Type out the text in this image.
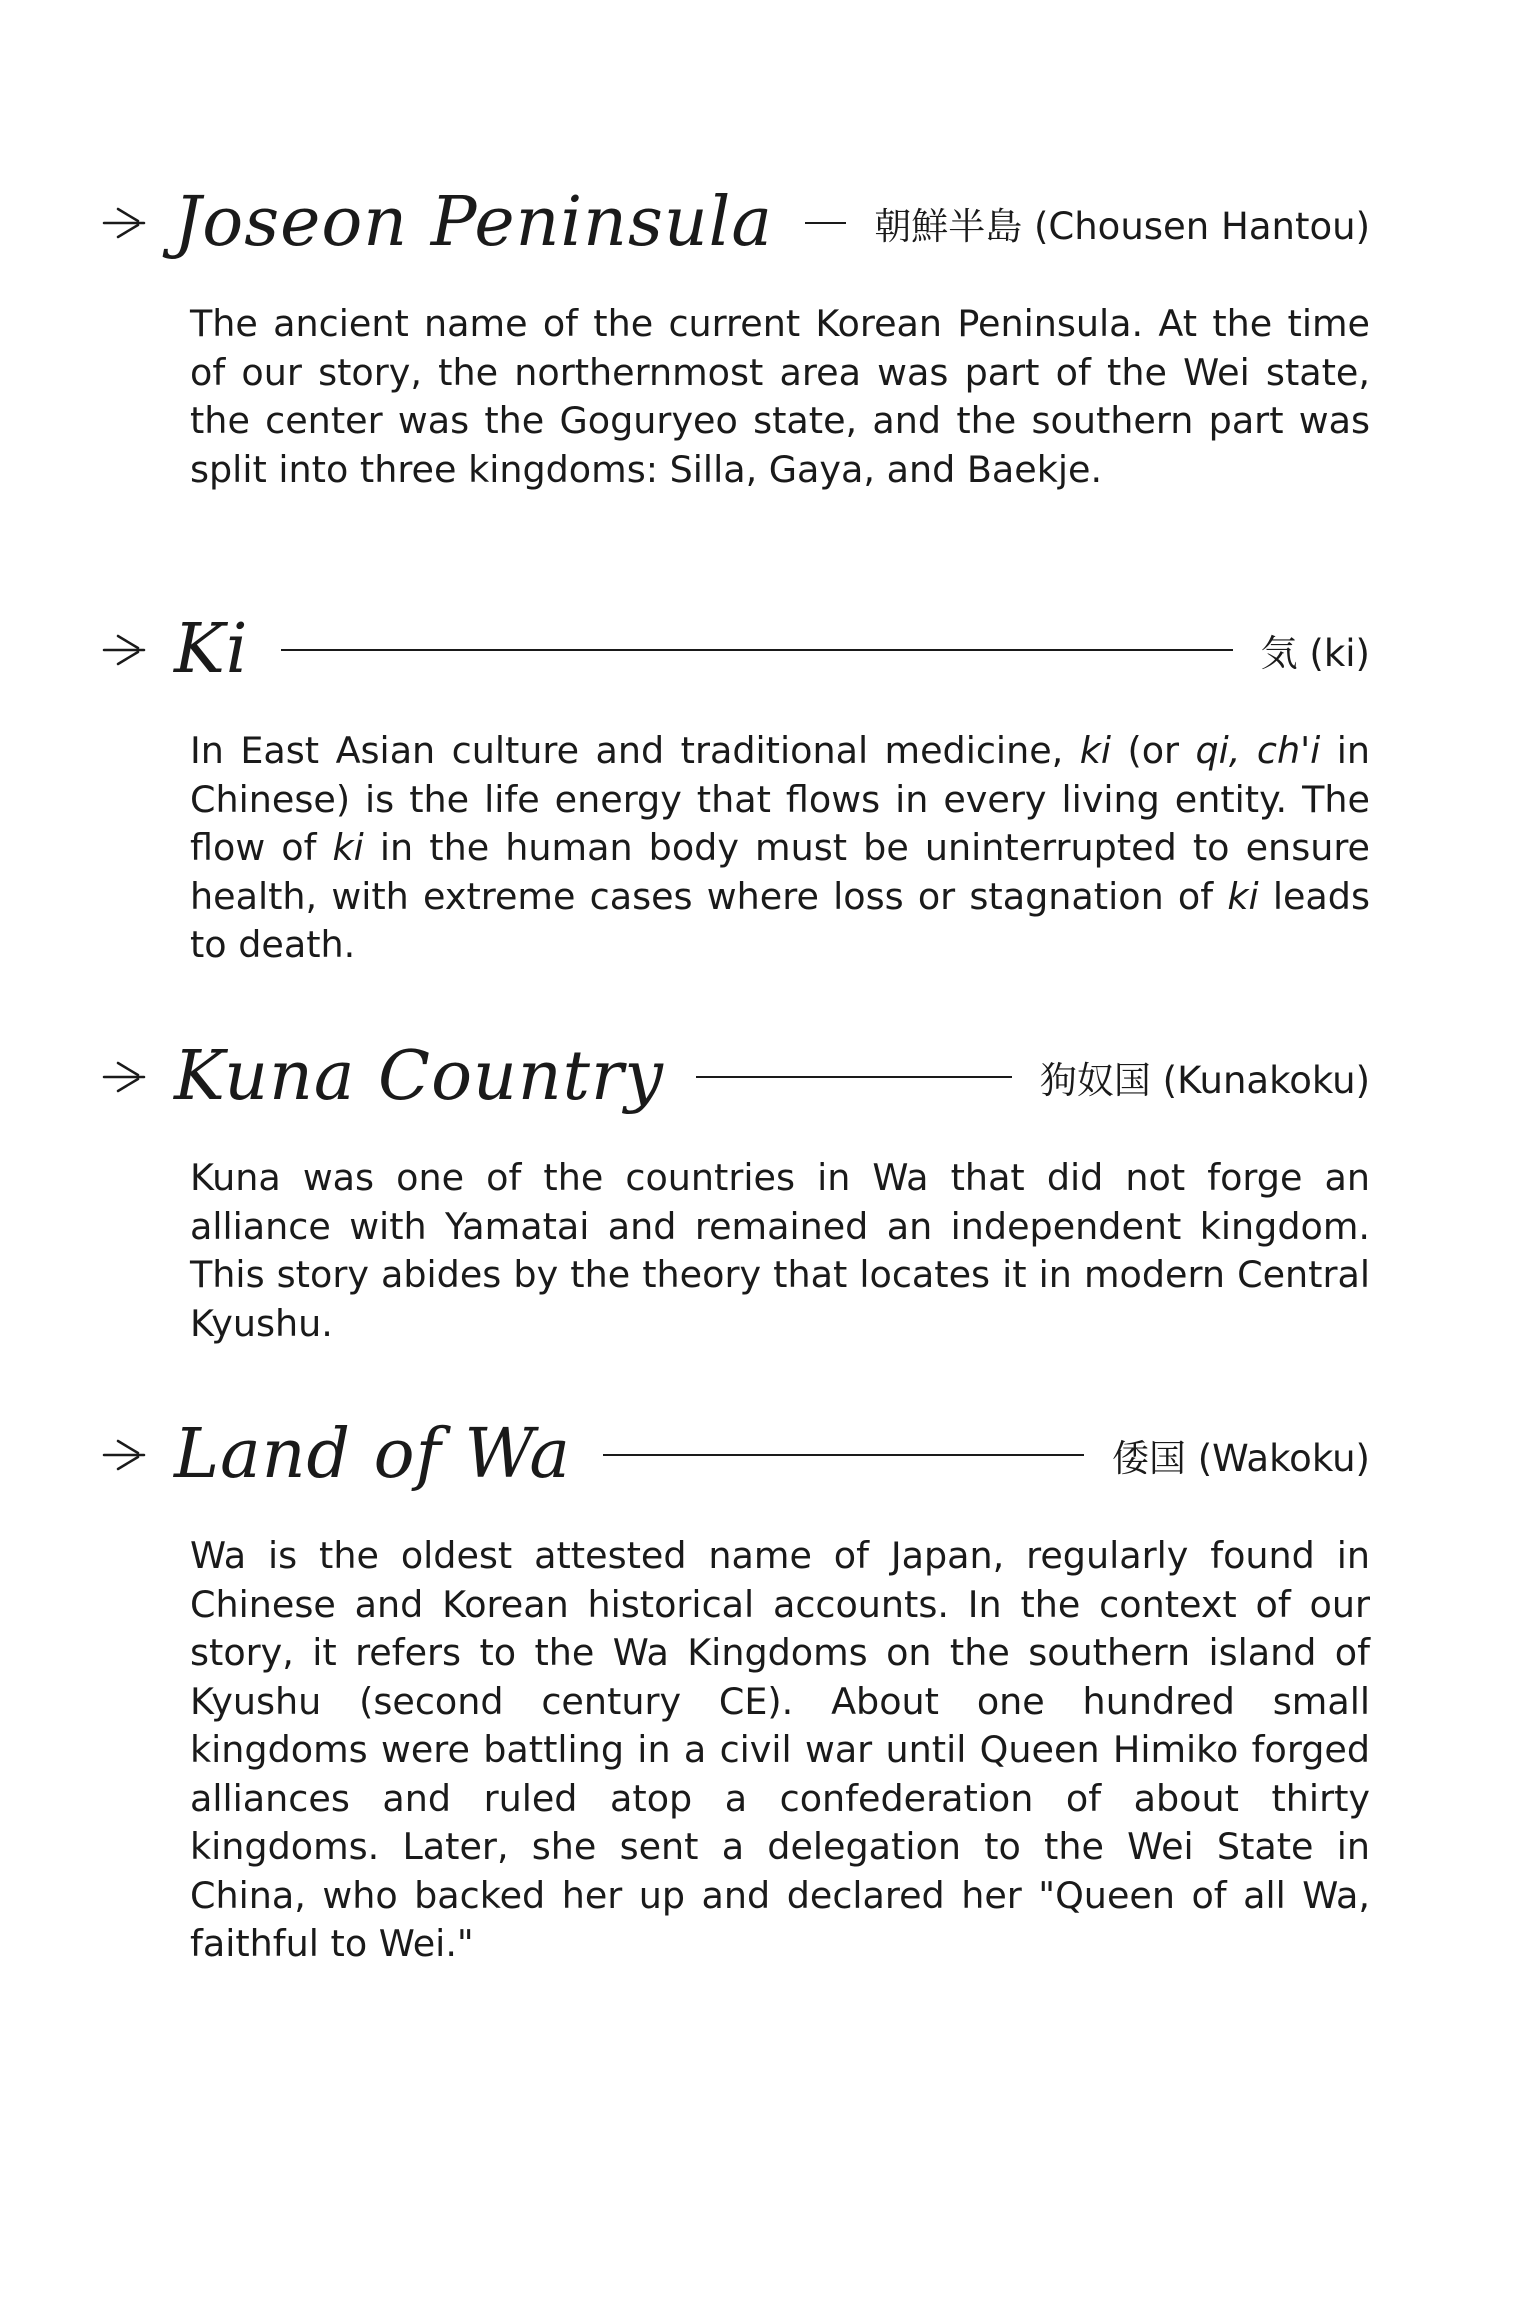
Joseon Peninsula	朝鮮半島 (Chousen Hantou)
The ancient name of the current Korean Peninsula. At the time of our story, the northernmost area was part of the Wei state, the center was the Goguryeo state, and the southern part was split into three kingdoms: Silla, Gaya, and Baekje.
Ki	気 (ki)
In East Asian culture and traditional medicine, ki (or qi, ch'i in Chinese) is the life energy that flows in every living entity. The flow of ki in the human body must be uninterrupted to ensure health, with extreme cases where loss or stagnation of ki leads to death.
Kuna Country	狗奴国 (Kunakoku)
Kuna was one of the countries in Wa that did not forge an alliance with Yamatai and remained an independent kingdom. This story abides by the theory that locates it in modern Central Kyushu.
Land of Wa	倭国 (Wakoku)
Wa is the oldest attested name of Japan, regularly found in Chinese and Korean historical accounts. In the context of our story, it refers to the Wa Kingdoms on the southern island of Kyushu (second century CE). About one hundred small kingdoms were battling in a civil war until Queen Himiko forged alliances and ruled atop a confederation of about thirty kingdoms. Later, she sent a delegation to the Wei State in China, who backed her up and declared her "Queen of all Wa, faithful to Wei."
